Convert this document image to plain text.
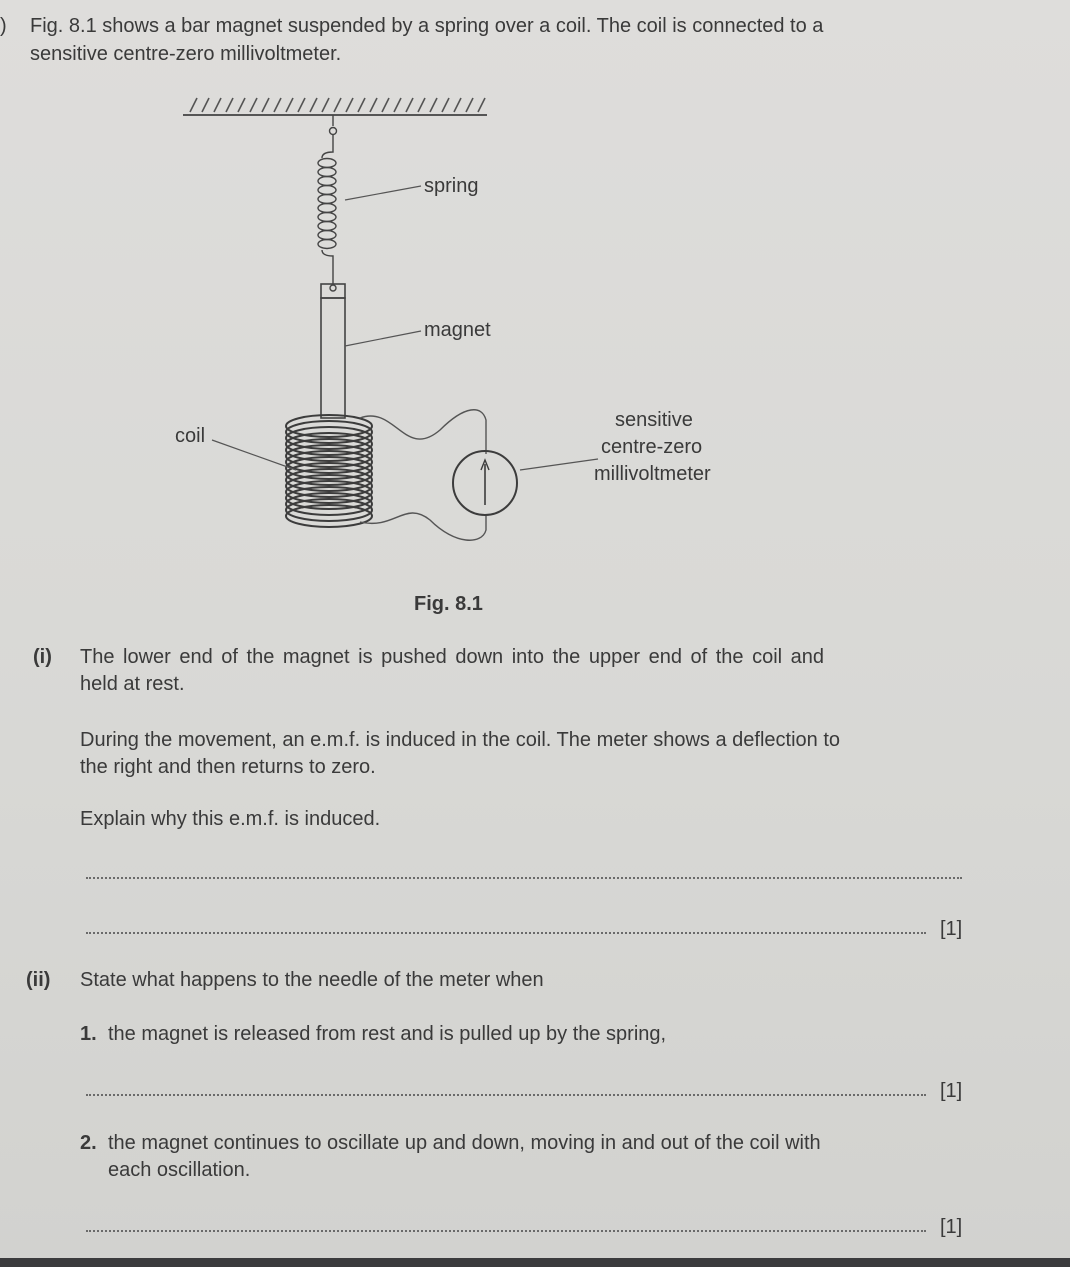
) Fig. 8.1 shows a bar magnet suspended by a spring over a coil. The coil is connected to a
sensitive centre-zero millivoltmeter.
spring
magnet
coil
sensitive
centre-zero
millivoltmeter
Fig. 8.1
(i) The lower end of the magnet is pushed down into the upper end of the coil and
held at rest.
During the movement, an e.m.f. is induced in the coil. The meter shows a deflection to
the right and then returns to zero.
Explain why this e.m.f. is induced.
[1]
(ii) State what happens to the needle of the meter when
1. the magnet is released from rest and is pulled up by the spring,
[1]
2. the magnet continues to oscillate up and down, moving in and out of the coil with
each oscillation.
[1]
